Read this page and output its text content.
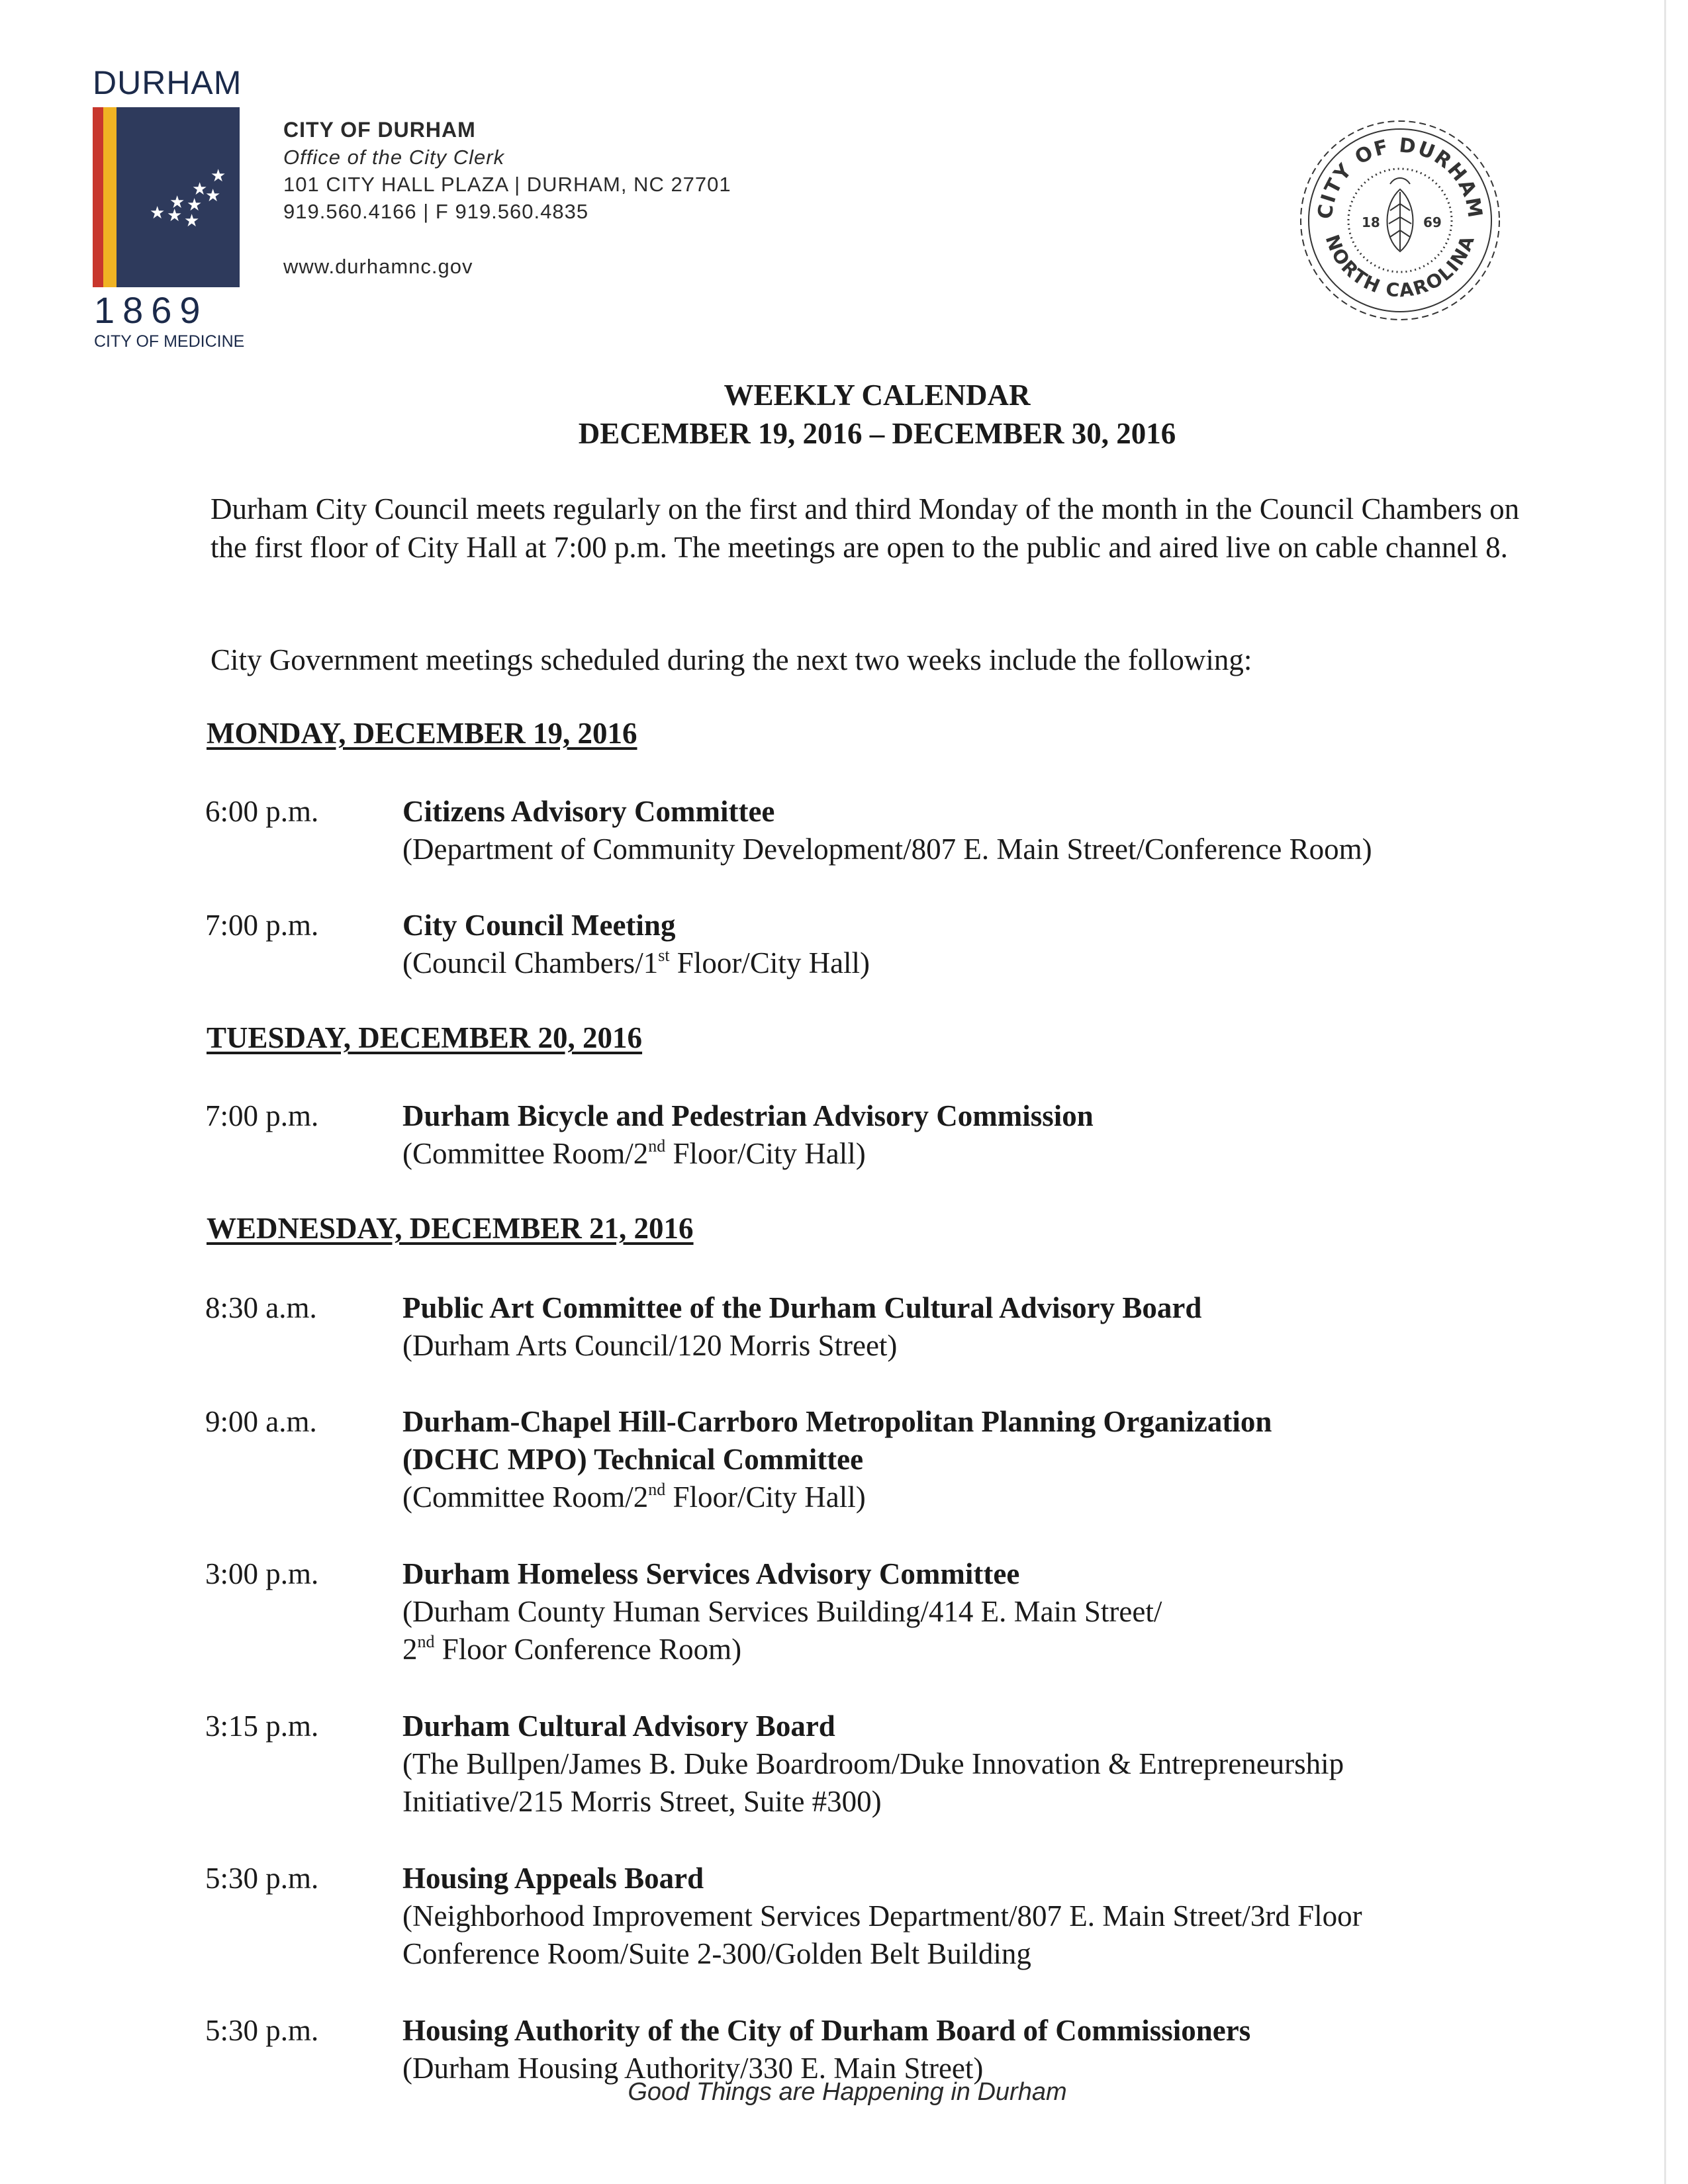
DURHAM
★
★
★
★ ★
★ ★ ★
1869
CITY OF MEDICINE
CITY OF DURHAM
Office of the City Clerk
101 CITY HALL PLAZA | DURHAM, NC 27701
919.560.4166 | F 919.560.4835
www.durhamnc.gov
CITY OF DURHAM
NORTH CAROLINA
18	69
WEEKLY CALENDAR
DECEMBER 19, 2016 – DECEMBER 30, 2016
Durham City Council meets regularly on the first and third Monday of the month in the Council Chambers on the first floor of City Hall at 7:00 p.m. The meetings are open to the public and aired live on cable channel 8.
City Government meetings scheduled during the next two weeks include the following:
MONDAY, DECEMBER 19, 2016
6:00 p.m.	Citizens Advisory Committee
(Department of Community Development/807 E. Main Street/Conference Room)
7:00 p.m.	City Council Meeting
(Council Chambers/1st Floor/City Hall)
TUESDAY, DECEMBER 20, 2016
7:00 p.m.	Durham Bicycle and Pedestrian Advisory Commission
(Committee Room/2nd Floor/City Hall)
WEDNESDAY, DECEMBER 21, 2016
8:30 a.m.	Public Art Committee of the Durham Cultural Advisory Board
(Durham Arts Council/120 Morris Street)
9:00 a.m.	Durham-Chapel Hill-Carrboro Metropolitan Planning Organization
(DCHC MPO) Technical Committee
(Committee Room/2nd Floor/City Hall)
3:00 p.m.	Durham Homeless Services Advisory Committee
(Durham County Human Services Building/414 E. Main Street/
2nd Floor Conference Room)
3:15 p.m.	Durham Cultural Advisory Board
(The Bullpen/James B. Duke Boardroom/Duke Innovation & Entrepreneurship
Initiative/215 Morris Street, Suite #300)
5:30 p.m.	Housing Appeals Board
(Neighborhood Improvement Services Department/807 E. Main Street/3rd Floor
Conference Room/Suite 2-300/Golden Belt Building
5:30 p.m.	Housing Authority of the City of Durham Board of Commissioners
(Durham Housing Authority/330 E. Main Street)
Good Things are Happening in Durham
